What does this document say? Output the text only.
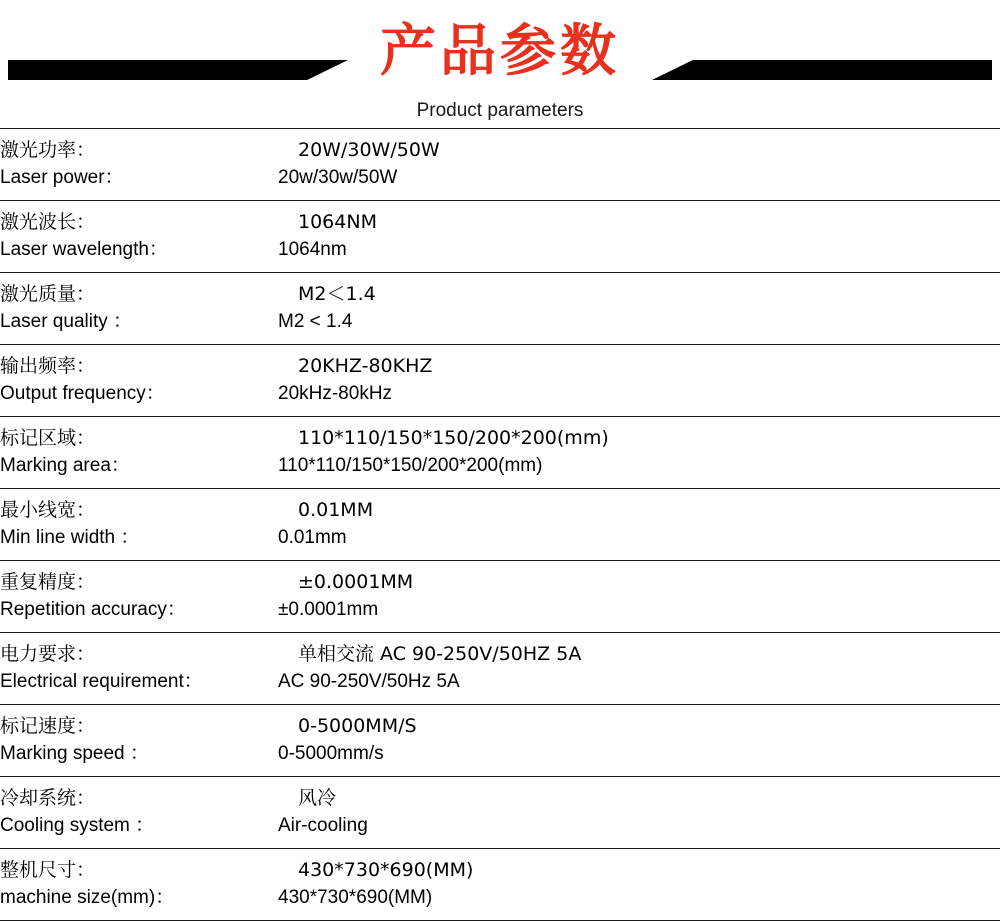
产品参数
Product parameters
激光功率：
Laser power：

20W/30W/50W
20w/30w/50W

激光波长：
Laser wavelength：

1064NM
1064nm

激光质量：
Laser quality ：

M2＜1.4
M2 < 1.4

输出频率：
Output frequency：

20KHZ-80KHZ
20kHz-80kHz

标记区域：
Marking area：

110*110/150*150/200*200(mm)
110*110/150*150/200*200(mm)

最小线宽：
Min line width ：

0.01MM
0.01mm

重复精度：
Repetition accuracy：

±0.0001MM
±0.0001mm

电力要求：
Electrical requirement：

单相交流 AC 90-250V/50HZ 5A
AC 90-250V/50Hz 5A

标记速度：
Marking speed ：

0-5000MM/S
0-5000mm/s

冷却系统：
Cooling system ：

风冷
Air-cooling

整机尺寸：
machine size(mm)：

430*730*690(MM)
430*730*690(MM)
